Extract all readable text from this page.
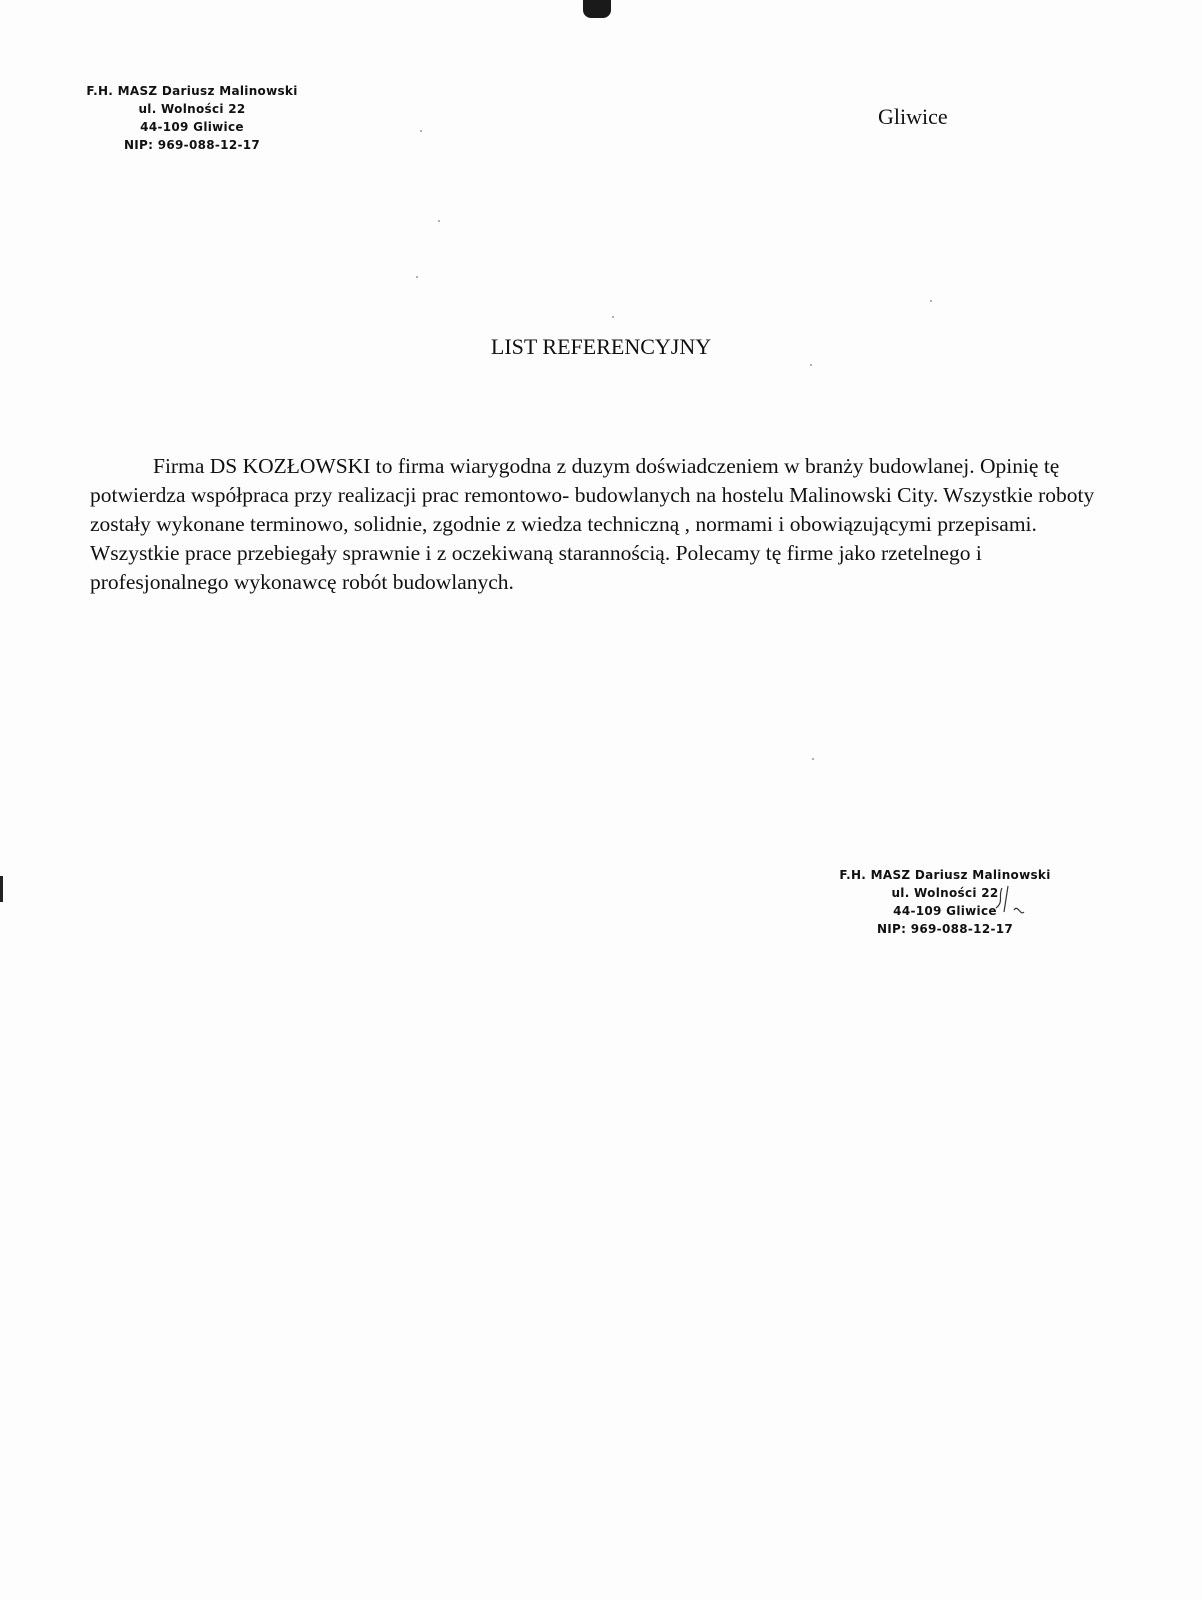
F.H. MASZ Dariusz Malinowski
ul. Wolności 22
44-109 Gliwice
NIP: 969-088-12-17
Gliwice
LIST REFERENCYJNY

Firma DS KOZŁOWSKI to firma wiarygodna z duzym doświadczeniem w branży budowlanej. Opinię tę potwierdza współpraca przy realizacji prac remontowo- budowlanych na hostelu Malinowski City. Wszystkie roboty zostały wykonane terminowo, solidnie, zgodnie z wiedza techniczną , normami i obowiązującymi przepisami. Wszystkie prace przebiegały sprawnie i z oczekiwaną starannością. Polecamy tę firme jako rzetelnego i profesjonalnego wykonawcę robót budowlanych.

F.H. MASZ Dariusz Malinowski
ul. Wolności 22
44-109 Gliwice
NIP: 969-088-12-17
